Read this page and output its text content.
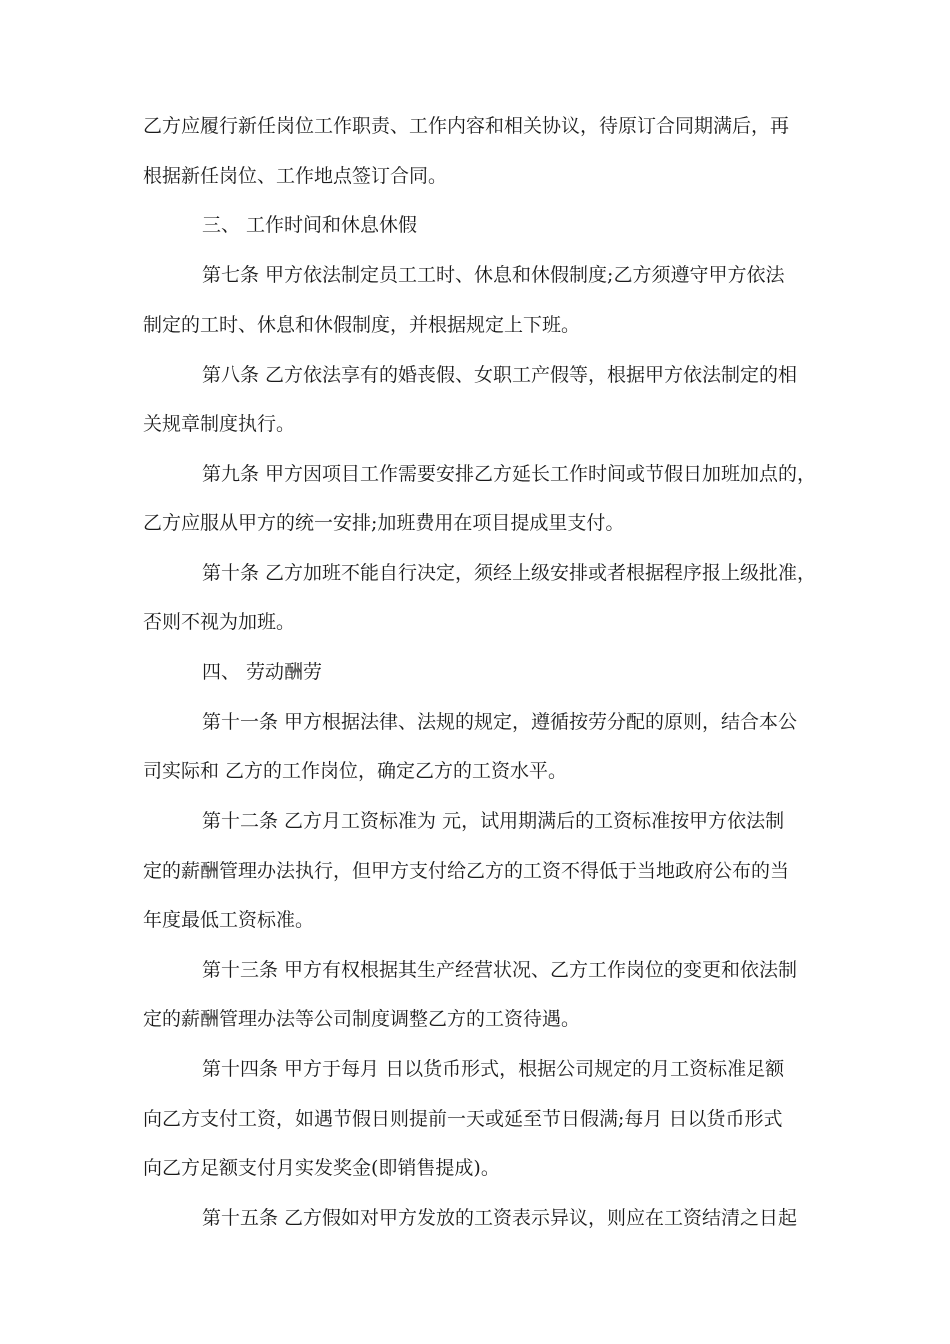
乙方应履行新任岗位工作职责、工作内容和相关协议，待原订合同期满后，再
根据新任岗位、工作地点签订合同。
三、 工作时间和休息休假
第七条 甲方依法制定员工工时、休息和休假制度;乙方须遵守甲方依法
制定的工时、休息和休假制度，并根据规定上下班。
第八条 乙方依法享有的婚丧假、女职工产假等，根据甲方依法制定的相
关规章制度执行。
第九条 甲方因项目工作需要安排乙方延长工作时间或节假日加班加点的，
乙方应服从甲方的统一安排;加班费用在项目提成里支付。
第十条 乙方加班不能自行决定，须经上级安排或者根据程序报上级批准，
否则不视为加班。
四、 劳动酬劳
第十一条 甲方根据法律、法规的规定，遵循按劳分配的原则，结合本公
司实际和 乙方的工作岗位，确定乙方的工资水平。
第十二条 乙方月工资标准为 元，试用期满后的工资标准按甲方依法制
定的薪酬管理办法执行，但甲方支付给乙方的工资不得低于当地政府公布的当
年度最低工资标准。
第十三条 甲方有权根据其生产经营状况、乙方工作岗位的变更和依法制
定的薪酬管理办法等公司制度调整乙方的工资待遇。
第十四条 甲方于每月 日以货币形式，根据公司规定的月工资标准足额
向乙方支付工资，如遇节假日则提前一天或延至节日假满;每月 日以货币形式
向乙方足额支付月实发奖金(即销售提成)。
第十五条 乙方假如对甲方发放的工资表示异议，则应在工资结清之日起
